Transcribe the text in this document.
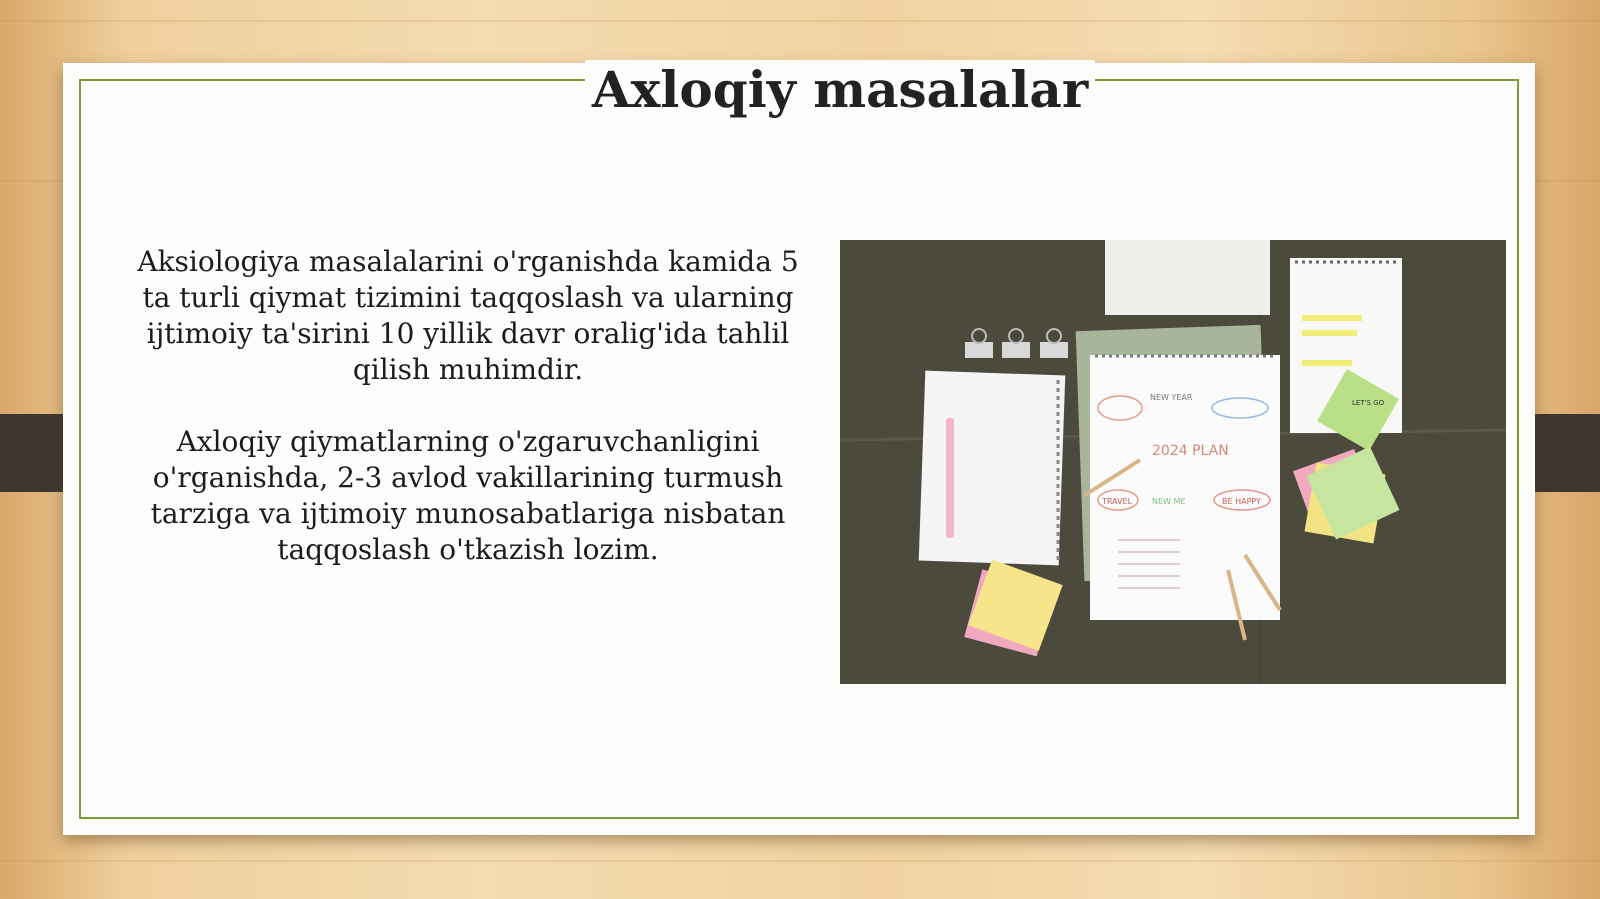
Axloqiy masalalar

Aksiologiya masalalarini o'rganishda kamida 5 ta turli qiymat tizimini taqqoslash va ularning ijtimoiy ta'sirini 10 yillik davr oralig'ida tahlil qilish muhimdir.

Axloqiy qiymatlarning o'zgaruvchanligini o'rganishda, 2-3 avlod vakillarining turmush tarziga va ijtimoiy munosabatlariga nisbatan taqqoslash o'tkazish lozim.

2024 PLAN
NEW YEAR
TRAVEL	BE HAPPY
NEW ME
LET'S GO
